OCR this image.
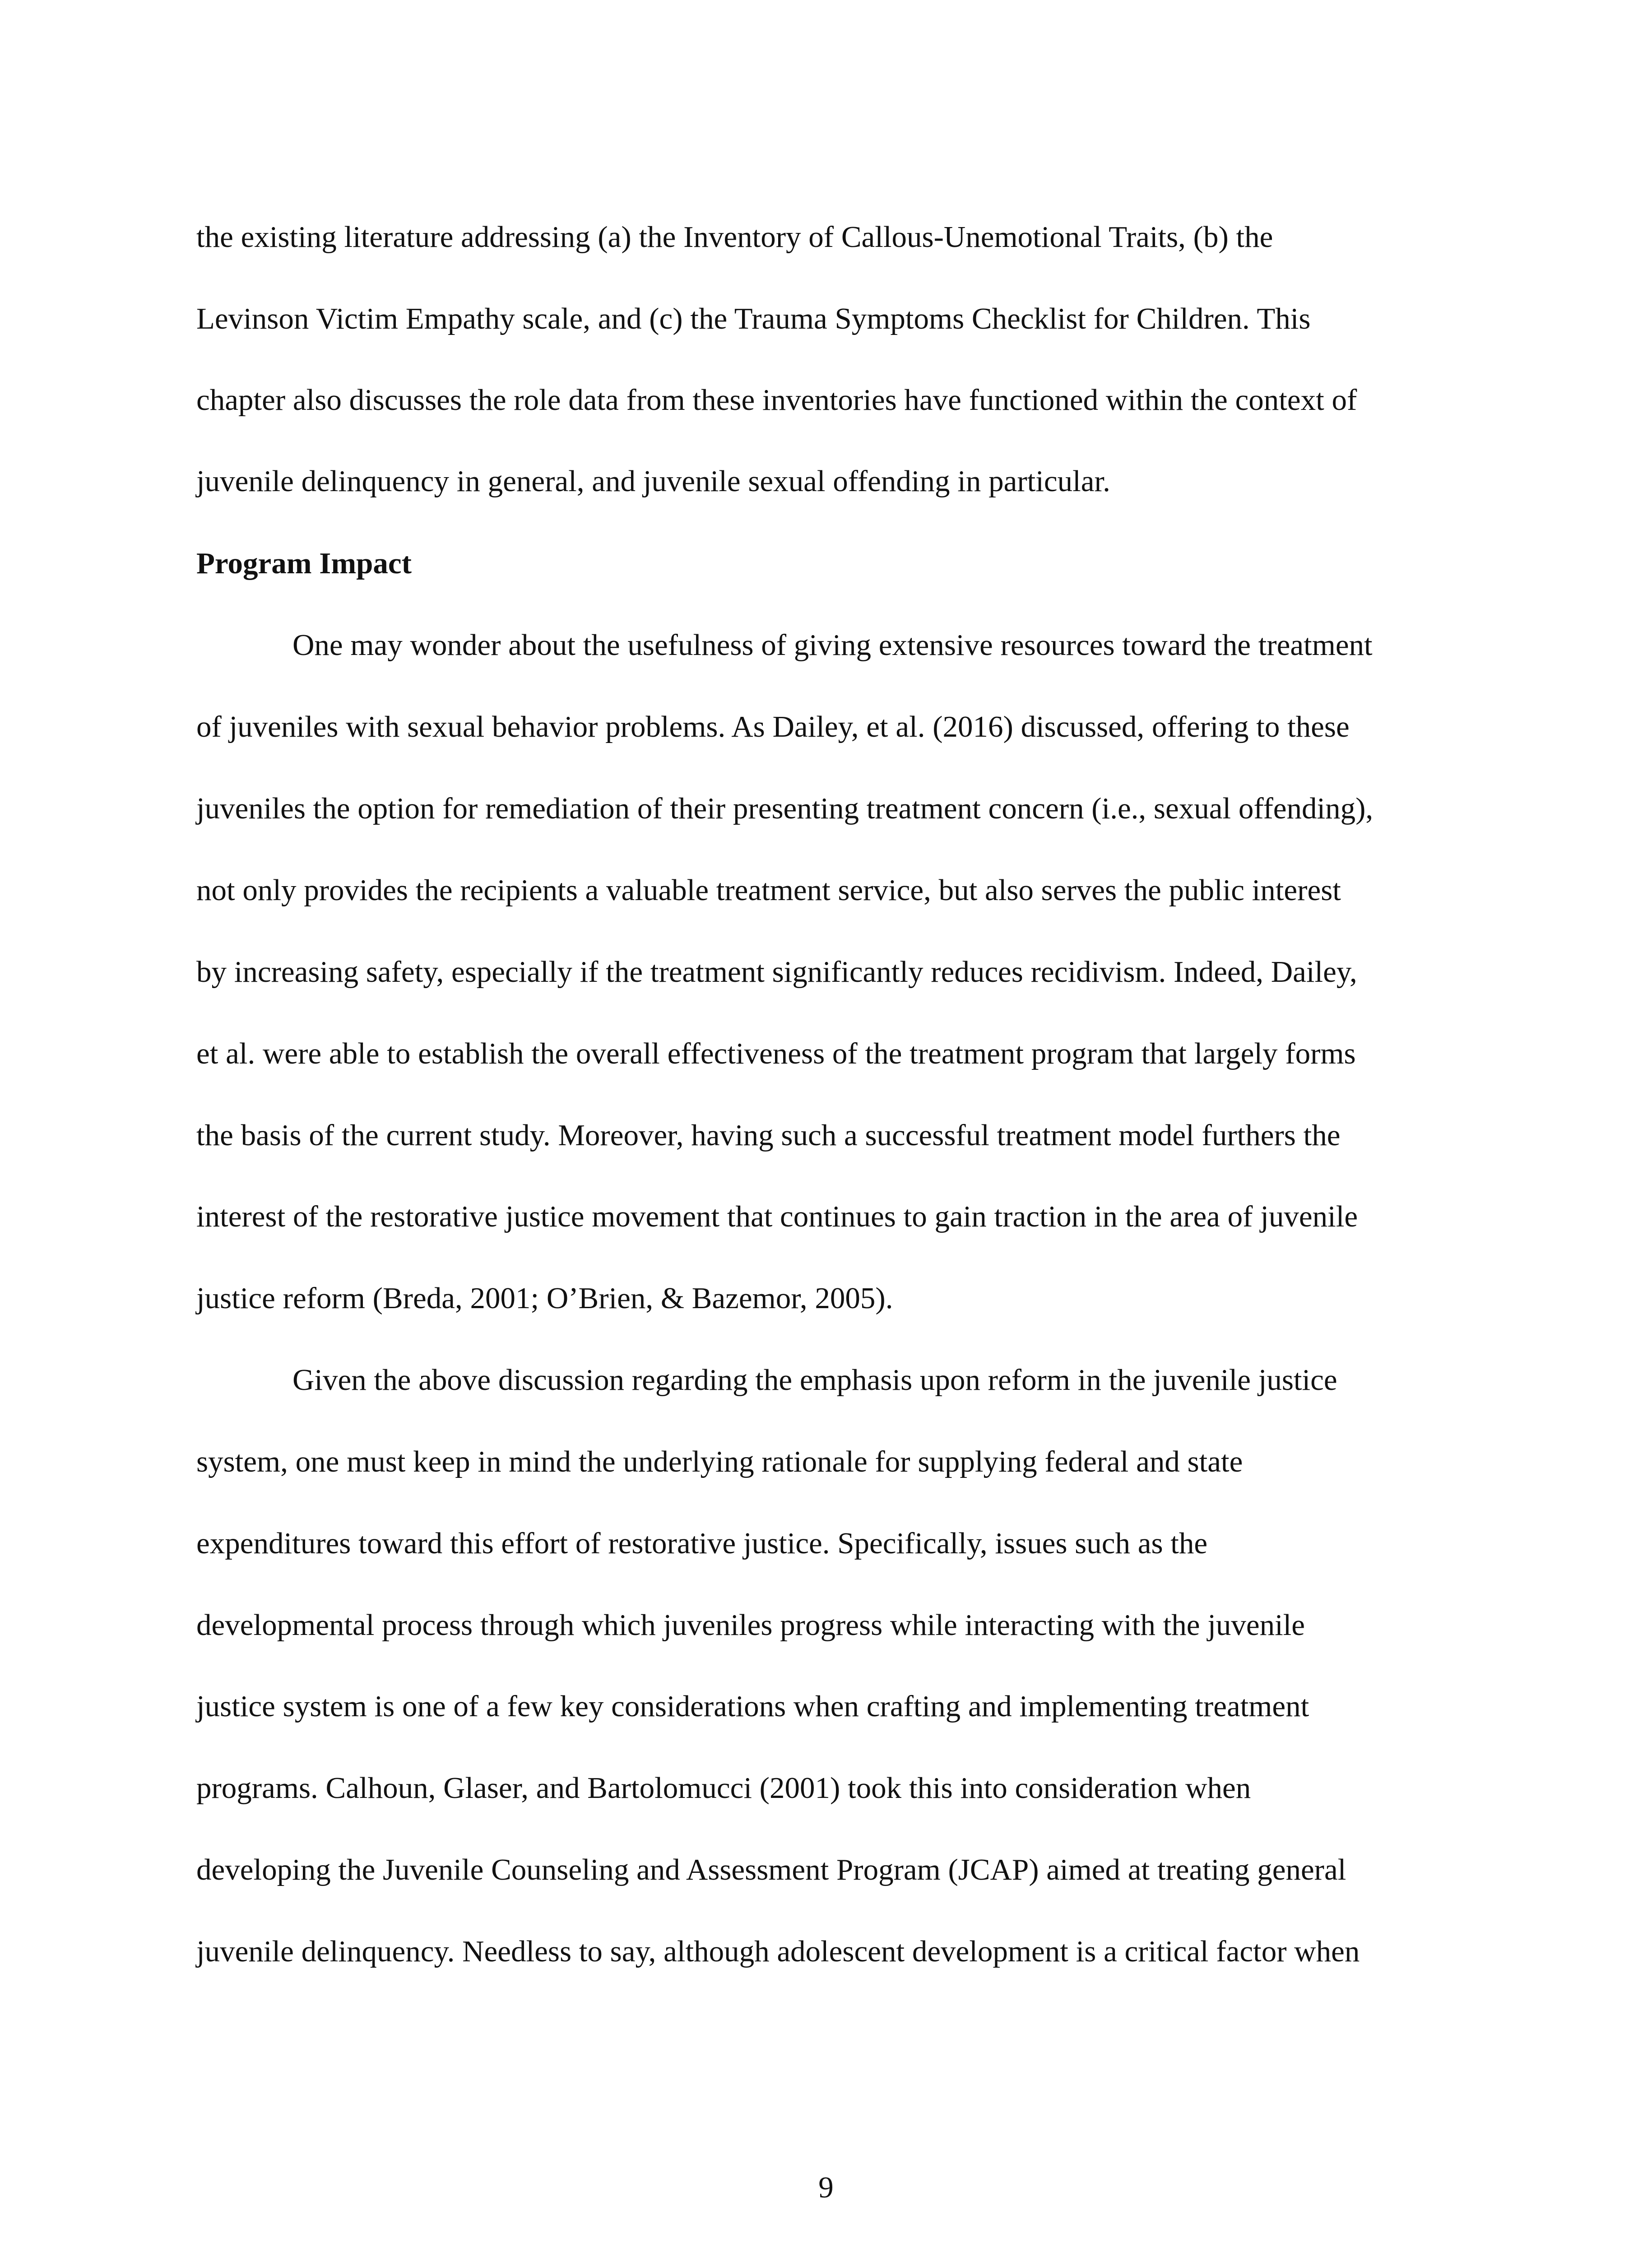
the existing literature addressing (a) the Inventory of Callous-Unemotional Traits, (b) the
Levinson Victim Empathy scale, and (c) the Trauma Symptoms Checklist for Children. This
chapter also discusses the role data from these inventories have functioned within the context of
juvenile delinquency in general, and juvenile sexual offending in particular.
Program Impact
One may wonder about the usefulness of giving extensive resources toward the treatment
of juveniles with sexual behavior problems. As Dailey, et al. (2016) discussed, offering to these
juveniles the option for remediation of their presenting treatment concern (i.e., sexual offending),
not only provides the recipients a valuable treatment service, but also serves the public interest
by increasing safety, especially if the treatment significantly reduces recidivism. Indeed, Dailey,
et al. were able to establish the overall effectiveness of the treatment program that largely forms
the basis of the current study. Moreover, having such a successful treatment model furthers the
interest of the restorative justice movement that continues to gain traction in the area of juvenile
justice reform (Breda, 2001; O’Brien, & Bazemor, 2005).
Given the above discussion regarding the emphasis upon reform in the juvenile justice
system, one must keep in mind the underlying rationale for supplying federal and state
expenditures toward this effort of restorative justice. Specifically, issues such as the
developmental process through which juveniles progress while interacting with the juvenile
justice system is one of a few key considerations when crafting and implementing treatment
programs. Calhoun, Glaser, and Bartolomucci (2001) took this into consideration when
developing the Juvenile Counseling and Assessment Program (JCAP) aimed at treating general
juvenile delinquency. Needless to say, although adolescent development is a critical factor when
9
